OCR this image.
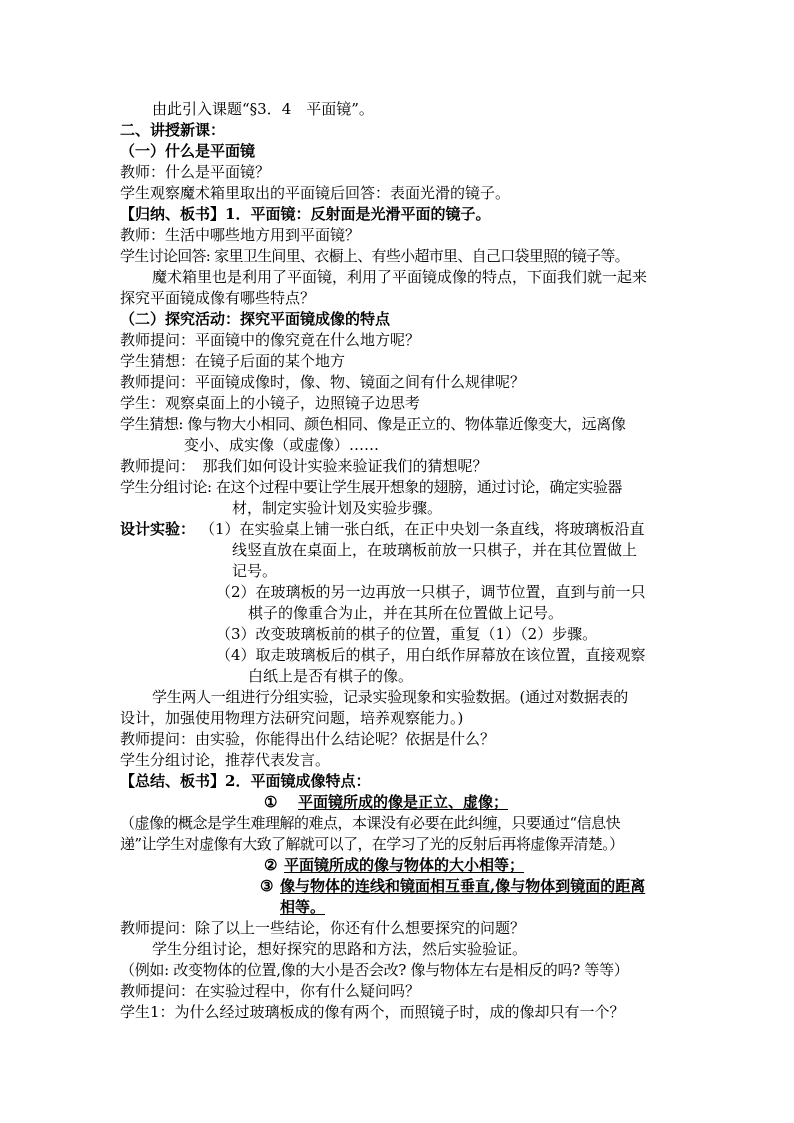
由此引入课题“§3．4　平面镜”。
二、讲授新课：
（一）什么是平面镜
教师：什么是平面镜？
学生观察魔术箱里取出的平面镜后回答：表面光滑的镜子。
【归纳、板书】1．平面镜：反射面是光滑平面的镜子。
教师：生活中哪些地方用到平面镜？
学生讨论回答: 家里卫生间里、衣橱上、有些小超市里、自己口袋里照的镜子等。
魔术箱里也是利用了平面镜，利用了平面镜成像的特点，下面我们就一起来
探究平面镜成像有哪些特点？
（二）探究活动：探究平面镜成像的特点
教师提问：平面镜中的像究竟在什么地方呢？
学生猜想：在镜子后面的某个地方
教师提问：平面镜成像时，像、物、镜面之间有什么规律呢？
学生：观察桌面上的小镜子，边照镜子边思考
学生猜想: 像与物大小相同、颜色相同、像是正立的、物体靠近像变大，远离像
变小、成实像（或虚像）……
教师提问：　那我们如何设计实验来验证我们的猜想呢？
学生分组讨论: 在这个过程中要让学生展开想象的翅膀，通过讨论，确定实验器
材，制定实验计划及实验步骤。
设计实验： （1）在实验桌上铺一张白纸，在正中央划一条直线，将玻璃板沿直
线竖直放在桌面上，在玻璃板前放一只棋子，并在其位置做上
记号。
（2）在玻璃板的另一边再放一只棋子，调节位置，直到与前一只
棋子的像重合为止，并在其所在位置做上记号。
（3）改变玻璃板前的棋子的位置，重复（1）（2）步骤。
（4）取走玻璃板后的棋子，用白纸作屏幕放在该位置，直接观察
白纸上是否有棋子的像。
学生两人一组进行分组实验，记录实验现象和实验数据。(通过对数据表的
设计，加强使用物理方法研究问题，培养观察能力。)
教师提问：由实验，你能得出什么结论呢？依据是什么？
学生分组讨论，推荐代表发言。
【总结、板书】2．平面镜成像特点：
① 平面镜所成的像是正立、虚像；
（虚像的概念是学生难理解的难点，本课没有必要在此纠缠，只要通过“信息快
递”让学生对虚像有大致了解就可以了，在学习了光的反射后再将虚像弄清楚。）
② 平面镜所成的像与物体的大小相等；
③ 像与物体的连线和镜面相互垂直,像与物体到镜面的距离
相等。
教师提问：除了以上一些结论，你还有什么想要探究的问题？
学生分组讨论，想好探究的思路和方法，然后实验验证。
（例如: 改变物体的位置,像的大小是否会改? 像与物体左右是相反的吗? 等等）
教师提问：在实验过程中，你有什么疑问吗？
学生1：为什么经过玻璃板成的像有两个，而照镜子时，成的像却只有一个？
